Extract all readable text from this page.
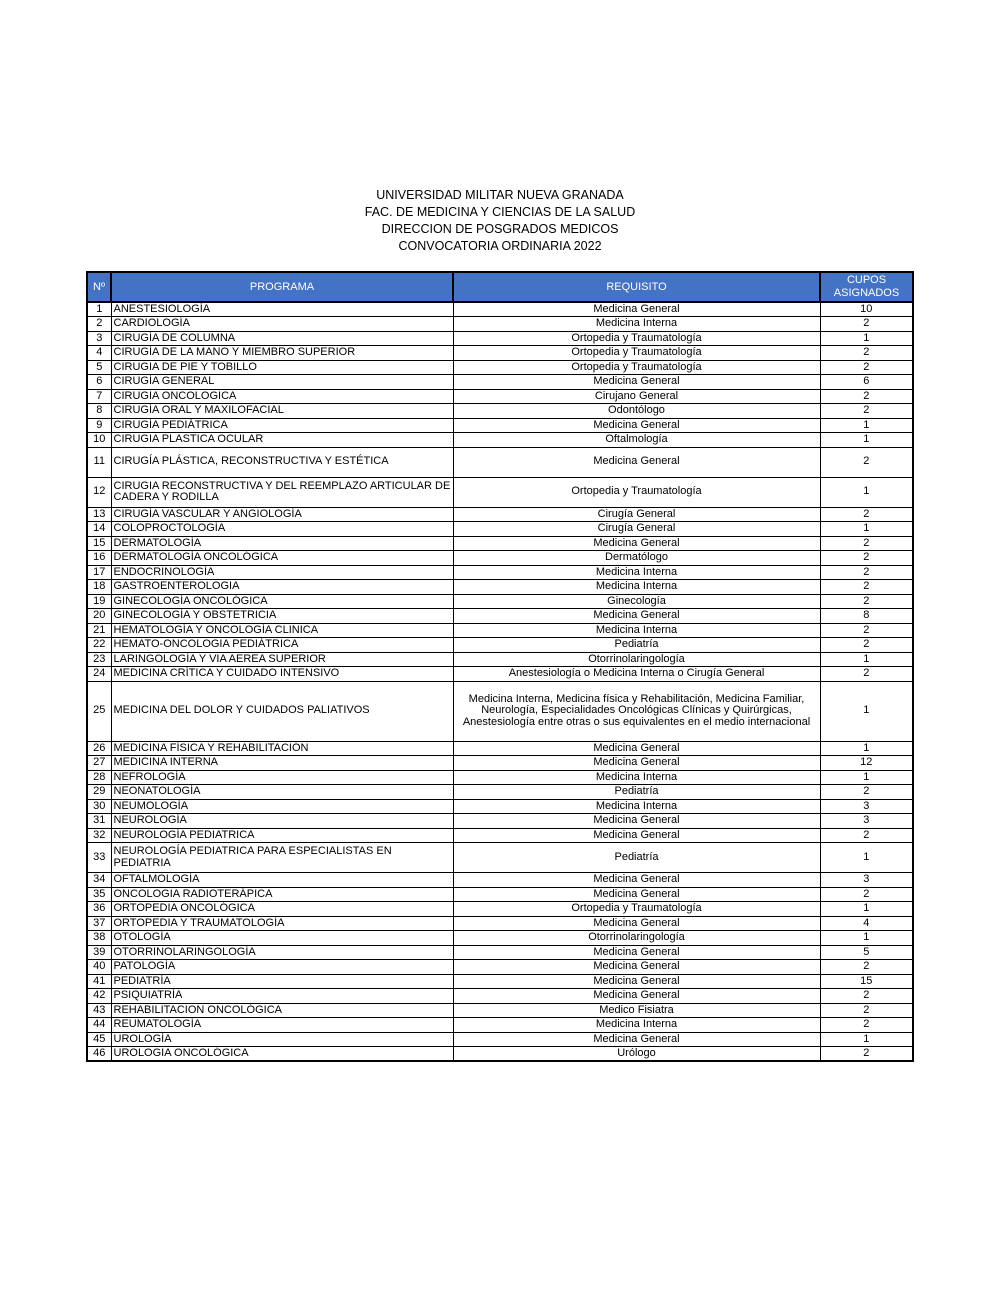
UNIVERSIDAD MILITAR NUEVA GRANADA
FAC. DE MEDICINA Y CIENCIAS DE LA SALUD
DIRECCION DE POSGRADOS MEDICOS
CONVOCATORIA ORDINARIA 2022
Nº	PROGRAMA	REQUISITO	CUPOS ASIGNADOS
1	ANESTESIOLOGÍA	Medicina General	10
2	CARDIOLOGÍA	Medicina Interna	2
3	CIRUGÍA DE COLUMNA	Ortopedia y Traumatología	1
4	CIRUGÍA DE LA MANO Y MIEMBRO SUPERIOR	Ortopedia y Traumatología	2
5	CIRUGIA DE PIE Y TOBILLO	Ortopedia y Traumatología	2
6	CIRUGÍA GENERAL	Medicina General	6
7	CIRUGIA ONCOLOGICA	Cirujano General	2
8	CIRUGÍA ORAL Y MAXILOFACIAL	Odontólogo	2
9	CIRUGÍA PEDIÁTRICA	Medicina General	1
10	CIRUGIA PLASTICA OCULAR	Oftalmología	1
11	CIRUGÍA PLÁSTICA, RECONSTRUCTIVA Y ESTÉTICA	Medicina General	2
12	CIRUGIA RECONSTRUCTIVA Y DEL REEMPLAZO ARTICULAR DE CADERA Y RODILLA	Ortopedia y Traumatología	1
13	CIRUGÍA VASCULAR Y ANGIOLOGÍA	Cirugía General	2
14	COLOPROCTOLOGÍA	Cirugía General	1
15	DERMATOLOGÍA	Medicina General	2
16	DERMATOLOGÍA ONCOLÓGICA	Dermatólogo	2
17	ENDOCRINOLOGÍA	Medicina Interna	2
18	GASTROENTEROLOGIA	Medicina Interna	2
19	GINECOLOGÍA ONCOLÓGICA	Ginecología	2
20	GINECOLOGÍA Y OBSTETRICIA	Medicina General	8
21	HEMATOLOGÍA Y ONCOLOGÍA CLINICA	Medicina Interna	2
22	HEMATO-ONCOLOGIA PEDIÁTRICA	Pediatría	2
23	LARINGOLOGÍA Y VIA AEREA SUPERIOR	Otorrinolaringología	1
24	MEDICINA CRÍTICA Y CUIDADO INTENSIVO	Anestesiología o Medicina Interna o Cirugía General	2
25	MEDICINA DEL DOLOR Y CUIDADOS PALIATIVOS	Medicina Interna, Medicina física y Rehabilitación, Medicina Familiar, Neurología, Especialidades Oncológicas Clínicas y Quirúrgicas, Anestesiología entre otras o sus equivalentes en el medio internacional	1
26	MEDICINA FÍSICA Y REHABILITACIÓN	Medicina General	1
27	MEDICINA INTERNA	Medicina General	12
28	NEFROLOGÍA	Medicina Interna	1
29	NEONATOLOGÍA	Pediatría	2
30	NEUMOLOGÍA	Medicina Interna	3
31	NEUROLOGÍA	Medicina General	3
32	NEUROLOGÍA PEDIATRICA	Medicina General	2
33	NEUROLOGÍA PEDIATRICA PARA ESPECIALISTAS EN PEDIATRIA	Pediatría	1
34	OFTALMOLOGÍA	Medicina General	3
35	ONCOLOGIA RADIOTERÁPICA	Medicina General	2
36	ORTOPEDIA ONCOLÓGICA	Ortopedia y Traumatología	1
37	ORTOPEDIA Y TRAUMATOLOGÍA	Medicina General	4
38	OTOLOGÍA	Otorrinolaringología	1
39	OTORRINOLARINGOLOGÍA	Medicina General	5
40	PATOLOGÍA	Medicina General	2
41	PEDIATRÍA	Medicina General	15
42	PSIQUIATRÍA	Medicina General	2
43	REHABILITACION ONCOLÓGICA	Medico Fisiatra	2
44	REUMATOLOGÍA	Medicina Interna	2
45	UROLOGÍA	Medicina General	1
46	UROLOGIA ONCOLÓGICA	Urólogo	2
